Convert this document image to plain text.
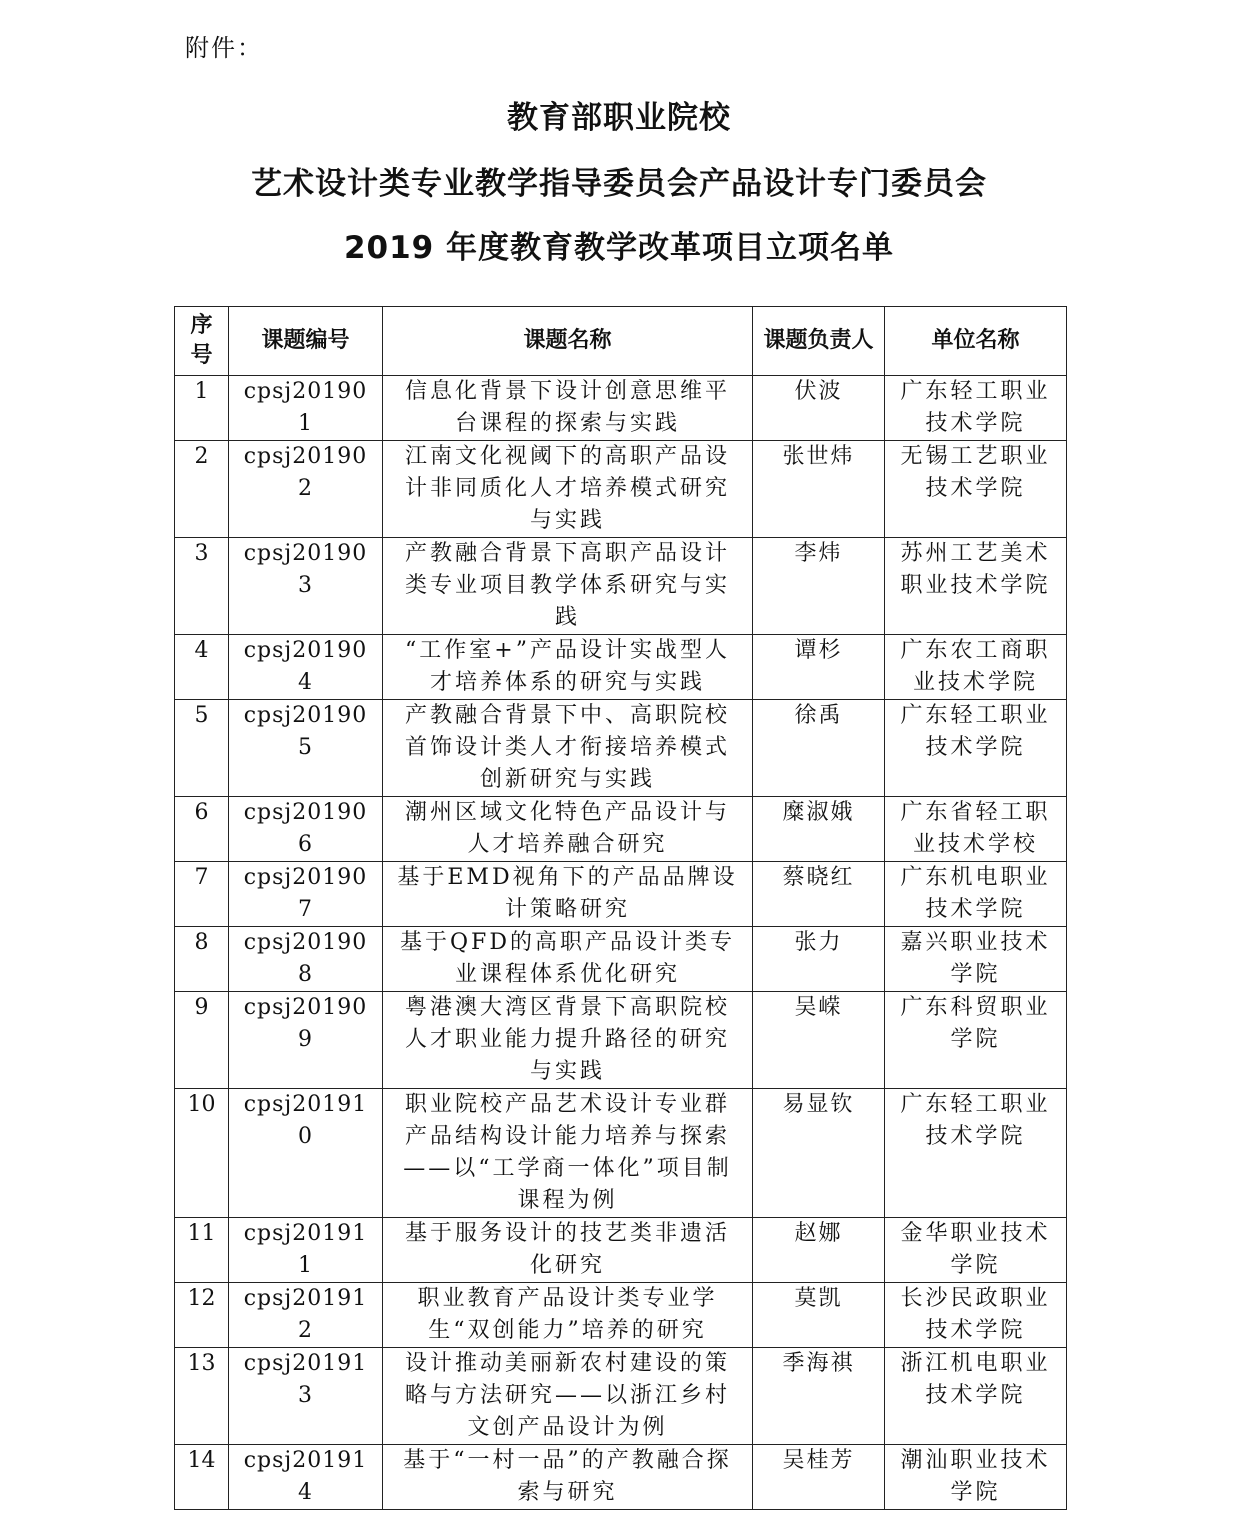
附件：
教育部职业院校
艺术设计类专业教学指导委员会产品设计专门委员会
2019 年度教育教学改革项目立项名单
序号	课题编号	课题名称	课题负责人	单位名称
1	cpsj201901	信息化背景下设计创意思维平台课程的探索与实践	伏波	广东轻工职业技术学院
2	cpsj201902	江南文化视阈下的高职产品设计非同质化人才培养模式研究与实践	张世炜	无锡工艺职业技术学院
3	cpsj201903	产教融合背景下高职产品设计类专业项目教学体系研究与实践	李炜	苏州工艺美术职业技术学院
4	cpsj201904	“工作室+”产品设计实战型人才培养体系的研究与实践	谭杉	广东农工商职业技术学院
5	cpsj201905	产教融合背景下中、高职院校首饰设计类人才衔接培养模式创新研究与实践	徐禹	广东轻工职业技术学院
6	cpsj201906	潮州区域文化特色产品设计与人才培养融合研究	糜淑娥	广东省轻工职业技术学校
7	cpsj201907	基于EMD视角下的产品品牌设计策略研究	蔡晓红	广东机电职业技术学院
8	cpsj201908	基于QFD的高职产品设计类专业课程体系优化研究	张力	嘉兴职业技术学院
9	cpsj201909	粤港澳大湾区背景下高职院校人才职业能力提升路径的研究与实践	吴嵘	广东科贸职业学院
10	cpsj201910	职业院校产品艺术设计专业群产品结构设计能力培养与探索——以“工学商一体化”项目制课程为例	易显钦	广东轻工职业技术学院
11	cpsj201911	基于服务设计的技艺类非遗活化研究	赵娜	金华职业技术学院
12	cpsj201912	职业教育产品设计类专业学生“双创能力”培养的研究	莫凯	长沙民政职业技术学院
13	cpsj201913	设计推动美丽新农村建设的策略与方法研究——以浙江乡村文创产品设计为例	季海祺	浙江机电职业技术学院
14	cpsj201914	基于“一村一品”的产教融合探索与研究	吴桂芳	潮汕职业技术学院
